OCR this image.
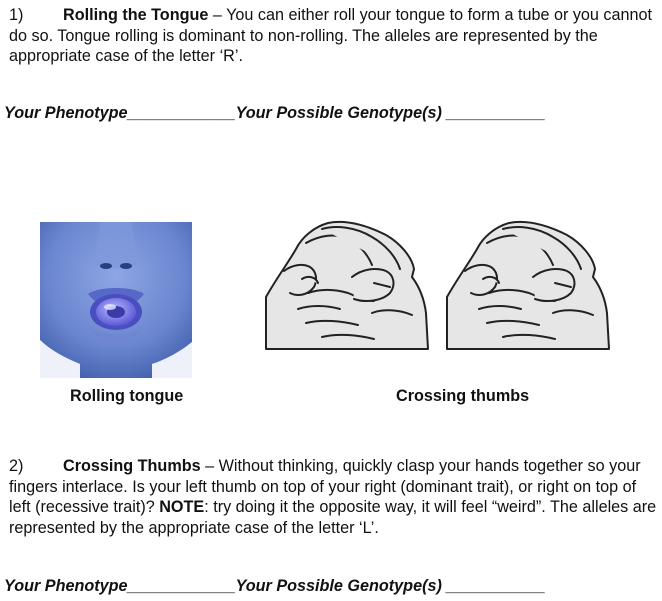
1) Rolling the Tongue – You can either roll your tongue to form a tube or you cannot do so. Tongue rolling is dominant to non-rolling. The alleles are represented by the appropriate case of the letter ‘R’.
Your Phenotype____________Your Possible Genotype(s) ___________
Rolling tongue	Crossing thumbs
2) Crossing Thumbs – Without thinking, quickly clasp your hands together so your fingers interlace. Is your left thumb on top of your right (dominant trait), or right on top of left (recessive trait)? NOTE: try doing it the opposite way, it will feel “weird”. The alleles are represented by the appropriate case of the letter ‘L’.
Your Phenotype____________Your Possible Genotype(s) ___________
